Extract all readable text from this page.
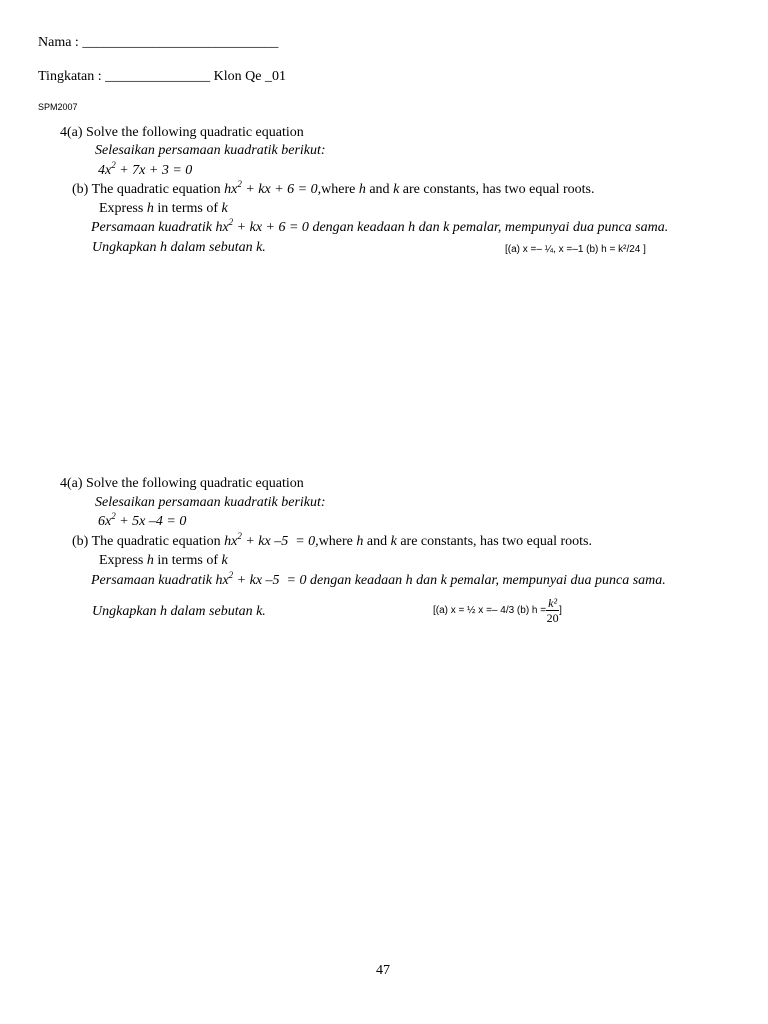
Nama : ____________________________
Tingkatan : _______________ Klon Qe _01
SPM2007
4(a) Solve the following quadratic equation
Selesaikan persamaan kuadratik berikut:
$4x^2 + 7x + 3 = 0$
(b) The quadratic equation $hx^2$ + kx + 6 = 0,where h and k are constants, has two equal roots.
Express h in terms of k
Persamaan kuadratik $hx^2$ + kx + 6 = 0 dengan keadaan h dan k pemalar, mempunyai dua punca sama.
Ungkapkan h dalam sebutan k.	[(a) x =– ¼, x =–1 (b) h = k²/24 ]
4(a) Solve the following quadratic equation
Selesaikan persamaan kuadratik berikut:
$6x^2 + 5x$ –4 = 0
(b) The quadratic equation $hx^2$ + kx –5  = 0,where h and k are constants, has two equal roots.
Express h in terms of k
Persamaan kuadratik $hx^2$ + kx –5  = 0 dengan keadaan h dan k pemalar, mempunyai dua punca sama.
Ungkapkan h dalam sebutan k.	[(a) x = ½ x =– 4/3 (b) $h = \frac{\text{k²}}{20}$ ]
47
